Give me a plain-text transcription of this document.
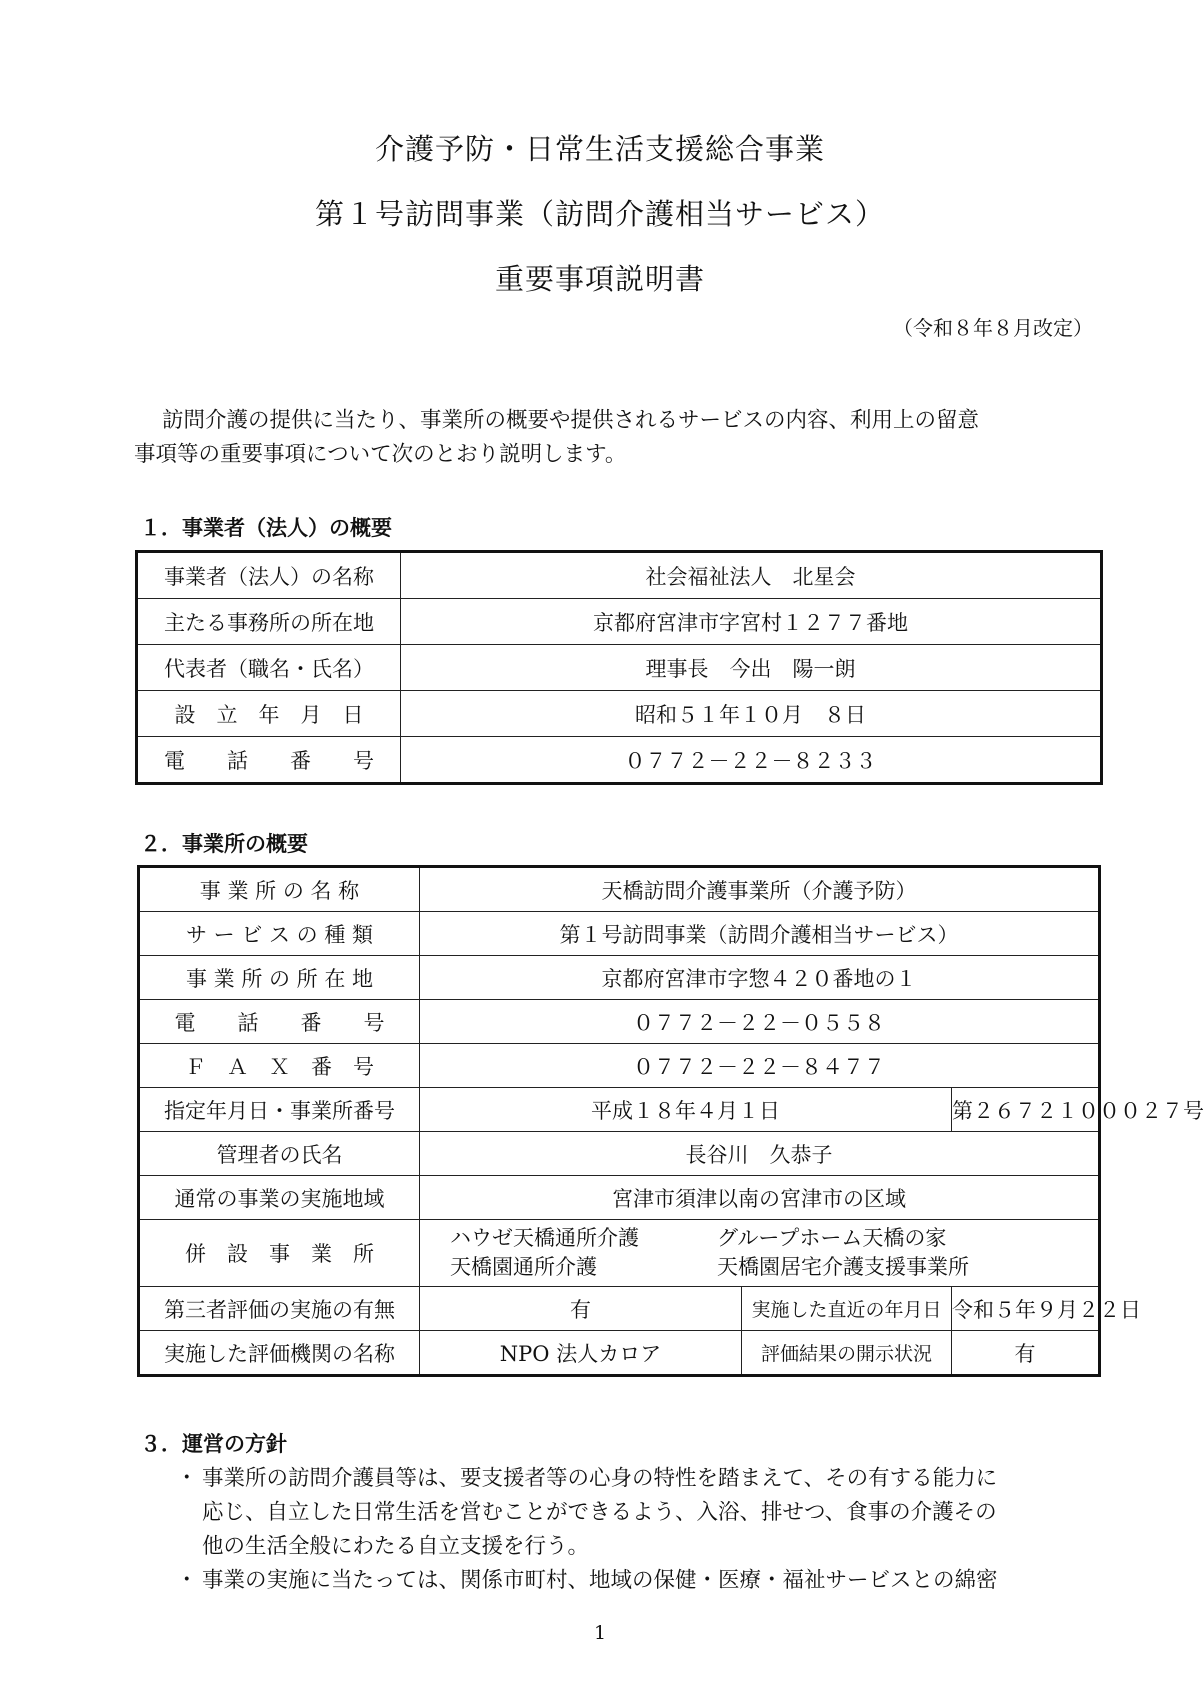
介護予防・日常生活支援総合事業
第１号訪問事業（訪問介護相当サービス）
重要事項説明書
（令和８年８月改定）
訪問介護の提供に当たり、事業所の概要や提供されるサービスの内容、利用上の留意
事項等の重要事項について次のとおり説明します。
１．事業者（法人）の概要
事業者（法人）の名称	社会福祉法人　北星会
主たる事務所の所在地	京都府宮津市字宮村１２７７番地
代表者（職名・氏名）	理事長　今出　陽一朗
設　立　年　月　日	昭和５１年１０月　８日
電　　話　　番　　号	０７７２－２２－８２３３
２．事業所の概要
事 業 所 の 名 称	天橋訪問介護事業所（介護予防）		
サ ー ビ ス の 種 類	第１号訪問事業（訪問介護相当サービス）		
事 業 所 の 所 在 地	京都府宮津市字惣４２０番地の１		
電　　話　　番　　号	０７７２－２２－０５５８		
Ｆ　Ａ　Ｘ　番　号	０７７２－２２－８４７７		
指定年月日・事業所番号	平成１８年４月１日		第２６７２１０００２７号
管理者の氏名	長谷川　久恭子		
通常の事業の実施地域	宮津市須津以南の宮津市の区域		
併　設　事　業　所	ハウゼ天橋通所介護 グループホーム天橋の家
天橋園通所介護 天橋園居宅介護支援事業所		
第三者評価の実施の有無	有	実施した直近の年月日	令和５年９月２２日
実施した評価機関の名称	NPO 法人カロア	評価結果の開示状況	有
３．運営の方針
・ 事業所の訪問介護員等は、要支援者等の心身の特性を踏まえて、その有する能力に
応じ、自立した日常生活を営むことができるよう、入浴、排せつ、食事の介護その
他の生活全般にわたる自立支援を行う。
・ 事業の実施に当たっては、関係市町村、地域の保健・医療・福祉サービスとの綿密
1
